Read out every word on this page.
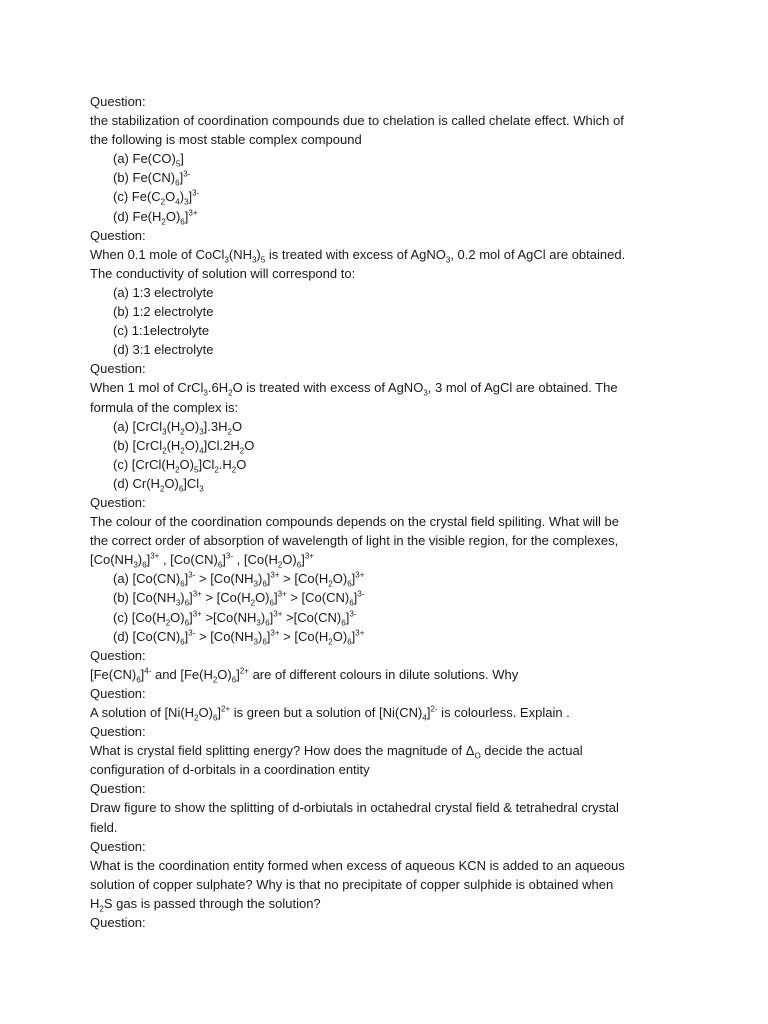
Question:
the stabilization of coordination compounds due to chelation is called chelate effect. Which of
the following is most stable complex compound
(a) $Fe(CO)_5$]
(b) $Fe(CN)_6]^{3-}$
(c) $Fe(C_2O_4)_3]^{3-}$
(d) $Fe(H_2O)_6]^{3+}$
Question:
When 0.1 mole of $CoCl_3(NH_3)_5$ is treated with excess of AgNO$_3$, 0.2 mol of AgCl are obtained.
The conductivity of solution will correspond to:
(a) 1:3 electrolyte
(b) 1:2 electrolyte
(c) 1:1electrolyte
(d) 3:1 electrolyte
Question:
When 1 mol of $CrCl_3.6H_2O$ is treated with excess of AgNO$_3$, 3 mol of AgCl are obtained. The
formula of the complex is:
(a) $[CrCl_3(H_2O)_3].3H_2O$
(b) $[CrCl_2(H_2O)_4]Cl.2H_2O$
(c) $[CrCl(H_2O)_5]Cl_2.H_2O$
(d) $Cr(H_2O)_6]Cl_3$
Question:
The colour of the coordination compounds depends on the crystal field spiliting. What will be
the correct order of absorption of wavelength of light in the visible region, for the complexes,
$[Co(NH_3)_6]^{3+}$ , $[Co(CN)_6]^{3-}$ , $[Co(H_2O)_6]^{3+}$
(a) $[Co(CN)_6]^{3-} > [Co(NH_3)_6]^{3+} > [Co(H_2O)_6]^{3+}$
(b) $[Co(NH_3)_6]^{3+} > [Co(H_2O)_6]^{3+} > [Co(CN)_6]^{3-}$
(c) $[Co(H_2O)_6]^{3+} >[Co(NH_3)_6]^{3+} >[Co(CN)_6]^{3-}$
(d) $[Co(CN)_6]^{3-} > [Co(NH_3)_6]^{3+} > [Co(H_2O)_6]^{3+}$
Question:
$[Fe(CN)_6]^{4-}$ and $[Fe(H_2O)_6]^{2+}$ are of different colours in dilute solutions. Why
Question:
A solution of $[Ni(H_2O)_6]^{2+}$ is green but a solution of $[Ni(CN)_4]^{2-}$ is colourless. Explain .
Question:
What is crystal field splitting energy? How does the magnitude of $\Delta_O$ decide the actual
configuration of d-orbitals in a coordination entity
Question:
Draw figure to show the splitting of d-orbiutals in octahedral crystal field & tetrahedral crystal
field.
Question:
What is the coordination entity formed when excess of aqueous KCN is added to an aqueous
solution of copper sulphate? Why is that no precipitate of copper sulphide is obtained when
$H_2S$ gas is passed through the solution?
Question:
